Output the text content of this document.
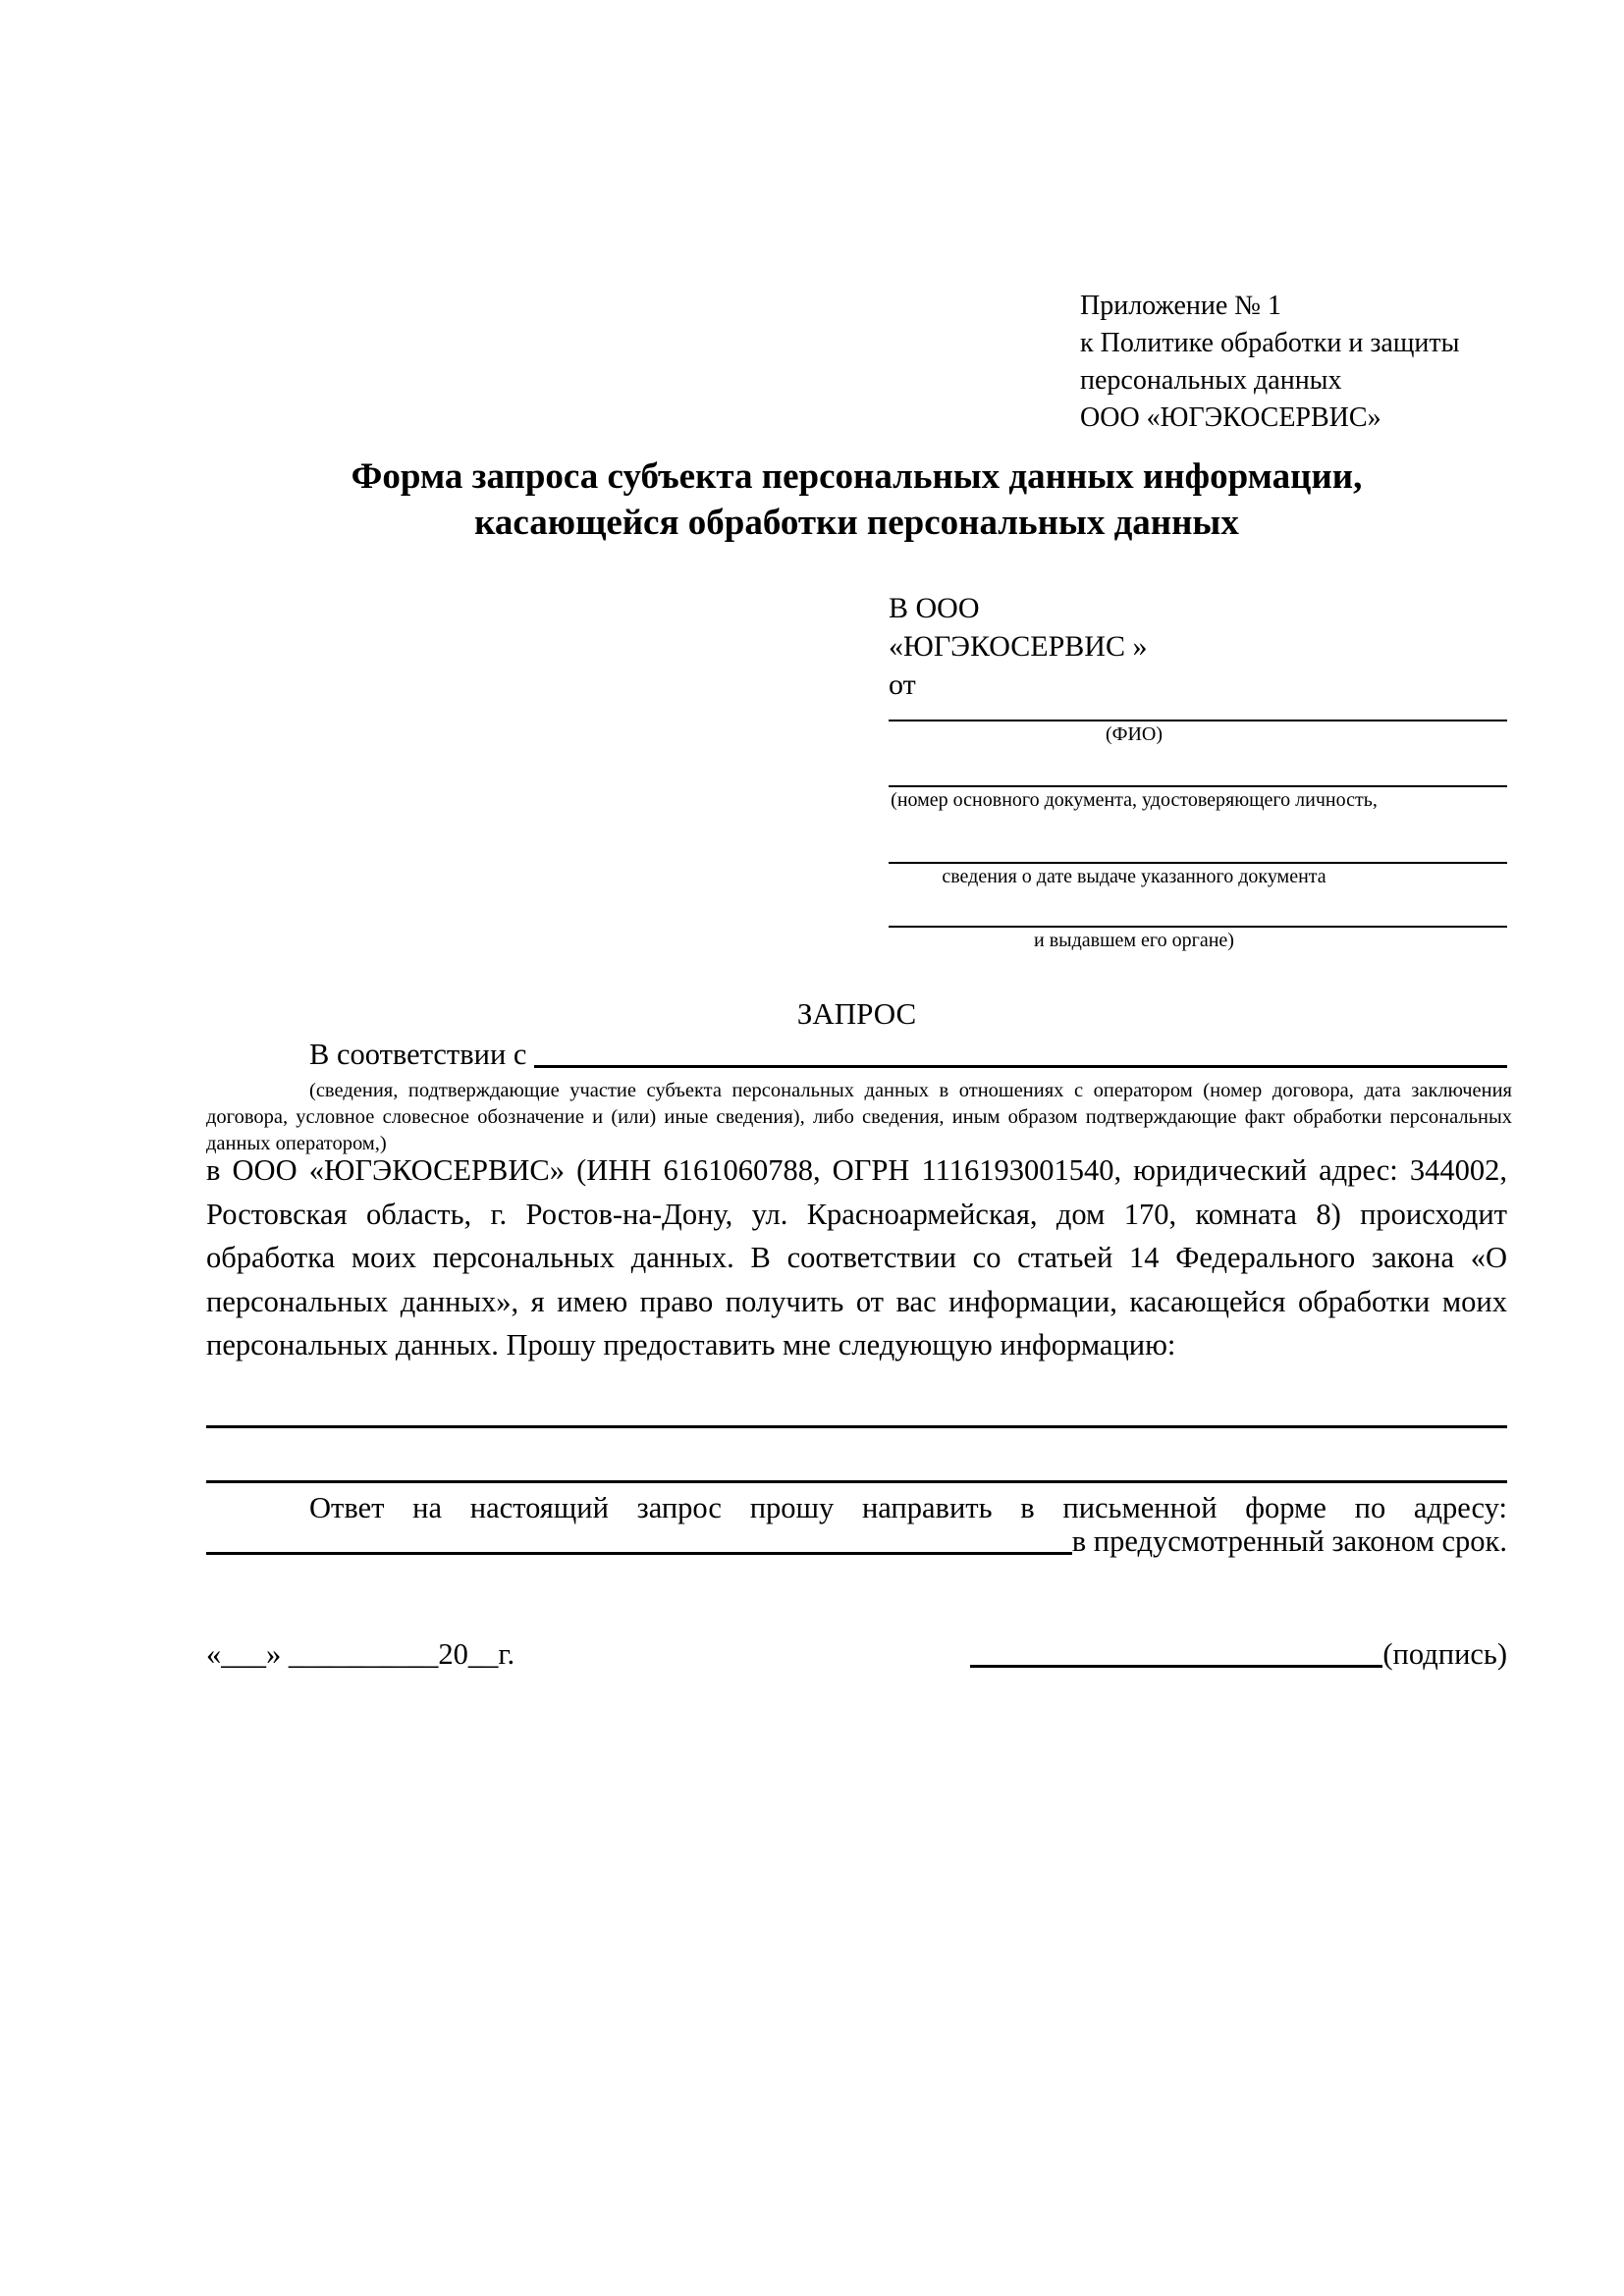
Приложение № 1
к Политике обработки и защиты
персональных данных
ООО «ЮГЭКОСЕРВИС»
Форма запроса субъекта персональных данных информации,
касающейся обработки персональных данных
В ООО
«ЮГЭКОСЕРВИС »
от
(ФИО)
(номер основного документа, удостоверяющего личность,
сведения о дате выдаче указанного документа
и выдавшем его органе)
ЗАПРОС
В соответствии с
(сведения, подтверждающие участие субъекта персональных данных в отношениях с оператором (номер договора, дата заключения договора, условное словесное обозначение и (или) иные сведения), либо сведения, иным образом подтверждающие факт обработки персональных данных оператором,)
в ООО «ЮГЭКОСЕРВИС» (ИНН 6161060788, ОГРН 1116193001540, юридический адрес: 344002, Ростовская область, г. Ростов-на-Дону, ул. Красноармейская, дом 170, комната 8) происходит обработка моих персональных данных. В соответствии со статьей 14 Федерального закона «О персональных данных», я имею право получить от вас информации, касающейся обработки моих персональных данных. Прошу предоставить мне следующую информацию:
Ответ на настоящий запрос прошу направить в письменной форме по адресу:
в предусмотренный законом срок.
«___» __________20__г.	(подпись)
